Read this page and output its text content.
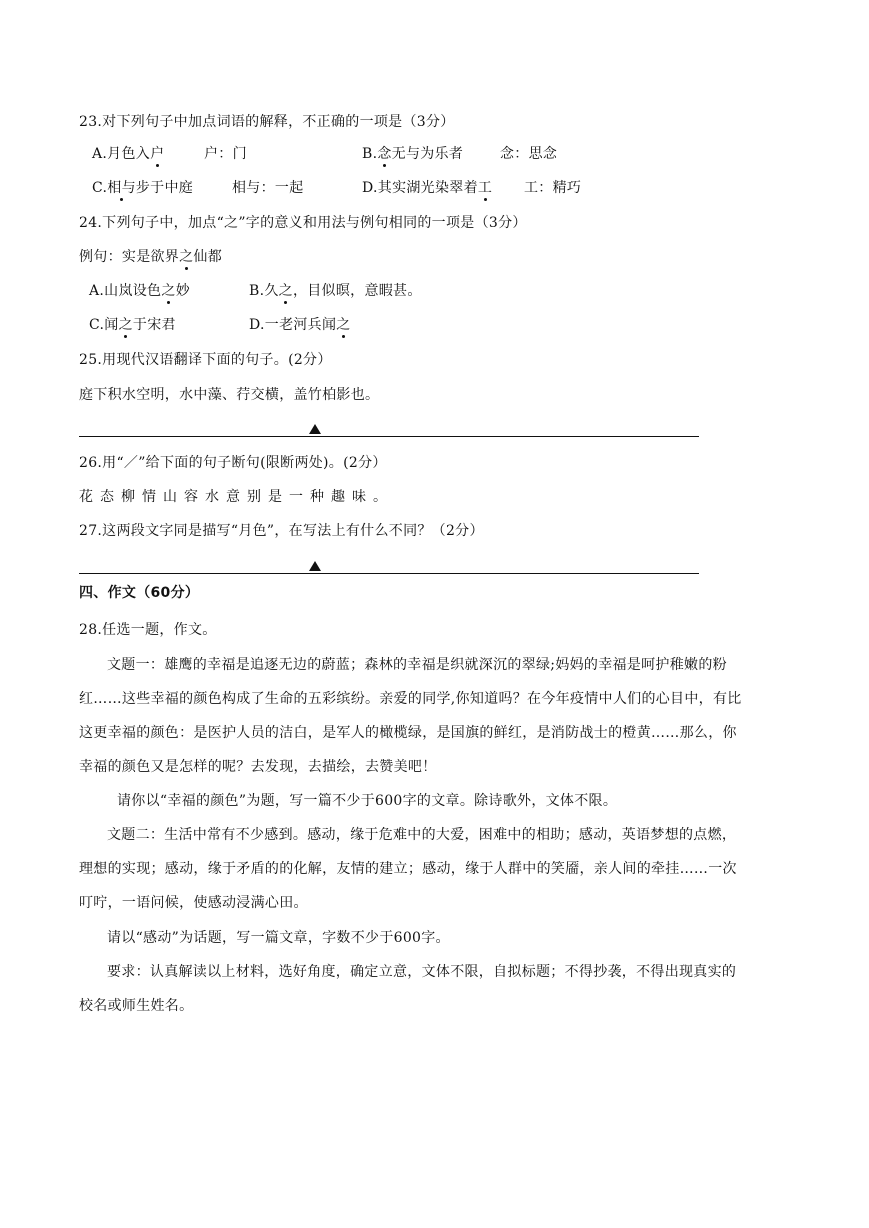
23.对下列句子中加点词语的解释，不正确的一项是（3分）
A.月色入户	户：门	B.念无与为乐者	念：思念
C.相与步于中庭	相与：一起	D.其实湖光染翠着工 工：精巧
24.下列句子中，加点“之”字的意义和用法与例句相同的一项是（3分）
例句：实是欲界之仙都
A.山岚设色之妙	B.久之，目似暝，意暇甚。
C.闻之于宋君	D.一老河兵闻之
25.用现代汉语翻译下面的句子。(2分）
庭下积水空明，水中藻、荇交横，盖竹柏影也。
26.用“／”给下面的句子断句(限断两处)。(2分）
花态柳情山容水意别是一种趣味。
27.这两段文字同是描写“月色”，在写法上有什么不同？（2分）
四、作文（60分）
28.任选一题，作文。
文题一：雄鹰的幸福是追逐无边的蔚蓝；森林的幸福是织就深沉的翠绿;妈妈的幸福是呵护稚嫩的粉
红……这些幸福的颜色构成了生命的五彩缤纷。亲爱的同学,你知道吗？在今年疫情中人们的心目中，有比
这更幸福的颜色：是医护人员的洁白，是军人的橄榄绿，是国旗的鲜红，是消防战士的橙黄……那么，你
幸福的颜色又是怎样的呢？去发现，去描绘，去赞美吧！
请你以“幸福的颜色”为题，写一篇不少于600字的文章。除诗歌外，文体不限。
文题二：生活中常有不少感到。感动，缘于危难中的大爱，困难中的相助；感动，英语梦想的点燃，
理想的实现；感动，缘于矛盾的的化解，友情的建立；感动，缘于人群中的笑靥，亲人间的牵挂……一次
叮咛，一语问候，使感动浸满心田。
请以“感动”为话题，写一篇文章，字数不少于600字。
要求：认真解读以上材料，选好角度，确定立意，文体不限，自拟标题；不得抄袭，不得出现真实的
校名或师生姓名。
